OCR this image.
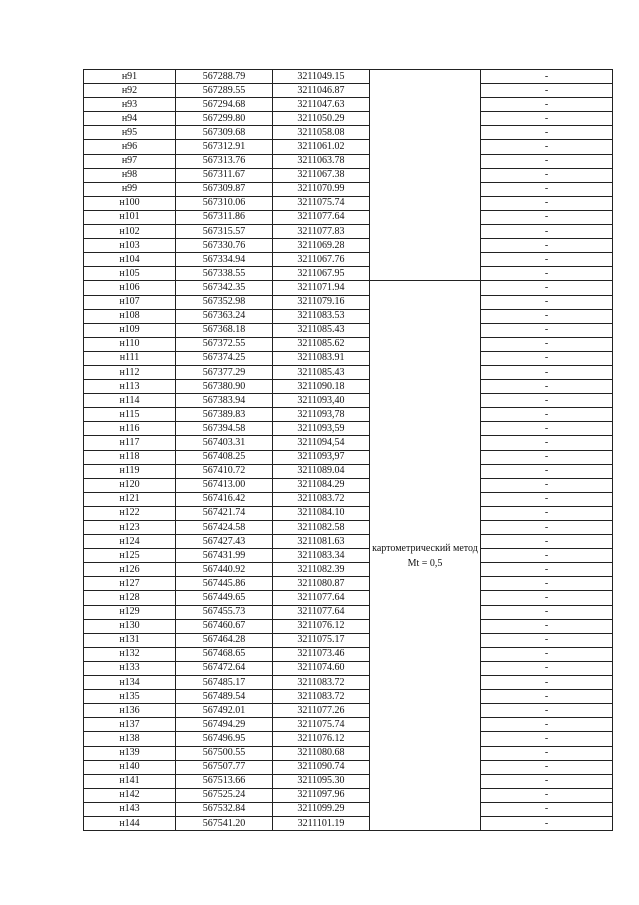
н91	567288.79	3211049.15		-
н92	567289.55	3211046.87		-
н93	567294.68	3211047.63		-
н94	567299.80	3211050.29		-
н95	567309.68	3211058.08		-
н96	567312.91	3211061.02		-
н97	567313.76	3211063.78		-
н98	567311.67	3211067.38		-
н99	567309.87	3211070.99		-
н100	567310.06	3211075.74		-
н101	567311.86	3211077.64		-
н102	567315.57	3211077.83		-
н103	567330.76	3211069.28		-
н104	567334.94	3211067.76		-
н105	567338.55	3211067.95		-
н106	567342.35	3211071.94	картометрический метод Mt = 0,5	-
н107	567352.98	3211079.16		-
н108	567363.24	3211083.53		-
н109	567368.18	3211085.43		-
н110	567372.55	3211085.62		-
н111	567374.25	3211083.91		-
н112	567377.29	3211085.43		-
н113	567380.90	3211090.18		-
н114	567383.94	3211093,40		-
н115	567389.83	3211093,78		-
н116	567394.58	3211093,59		-
н117	567403.31	3211094,54		-
н118	567408.25	3211093,97		-
н119	567410.72	3211089.04		-
н120	567413.00	3211084.29		-
н121	567416.42	3211083.72		-
н122	567421.74	3211084.10		-
н123	567424.58	3211082.58		-
н124	567427.43	3211081.63		-
н125	567431.99	3211083.34		-
н126	567440.92	3211082.39		-
н127	567445.86	3211080.87		-
н128	567449.65	3211077.64		-
н129	567455.73	3211077.64		-
н130	567460.67	3211076.12		-
н131	567464.28	3211075.17		-
н132	567468.65	3211073.46		-
н133	567472.64	3211074.60		-
н134	567485.17	3211083.72		-
н135	567489.54	3211083.72		-
н136	567492.01	3211077.26		-
н137	567494.29	3211075.74		-
н138	567496.95	3211076.12		-
н139	567500.55	3211080.68		-
н140	567507.77	3211090.74		-
н141	567513.66	3211095.30		-
н142	567525.24	3211097.96		-
н143	567532.84	3211099.29		-
н144	567541.20	3211101.19		-
